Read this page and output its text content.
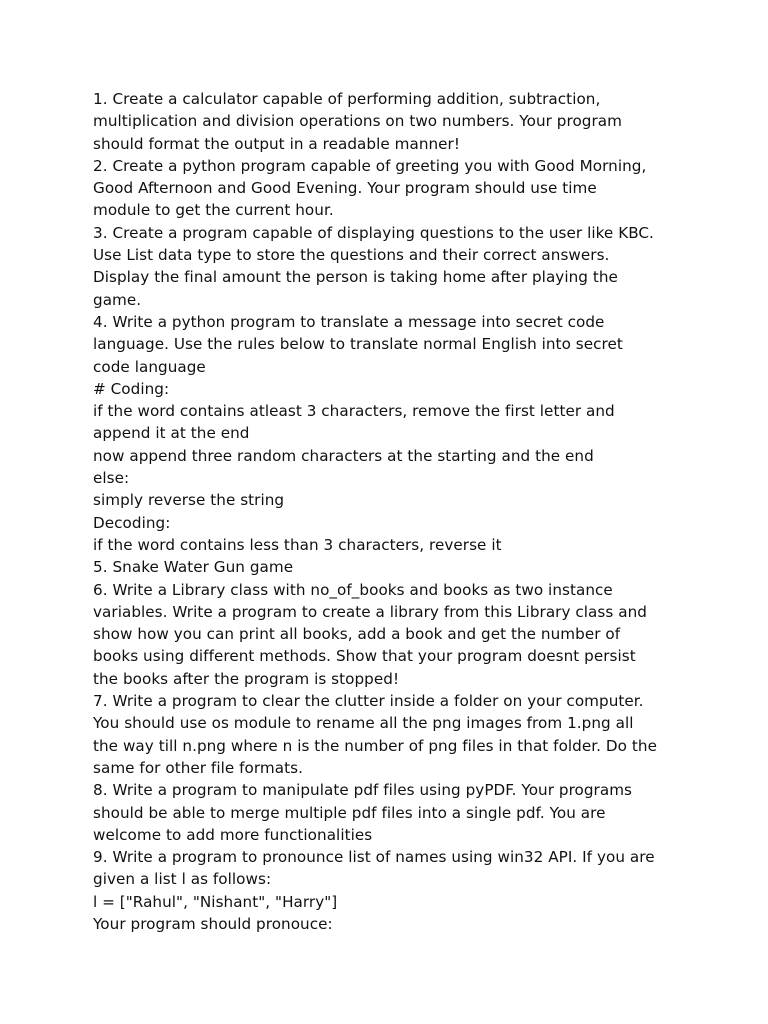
1. Create a calculator capable of performing addition, subtraction,
multiplication and division operations on two numbers. Your program
should format the output in a readable manner!
2. Create a python program capable of greeting you with Good Morning,
Good Afternoon and Good Evening. Your program should use time
module to get the current hour.
3. Create a program capable of displaying questions to the user like KBC.
Use List data type to store the questions and their correct answers.
Display the final amount the person is taking home after playing the
game.
4. Write a python program to translate a message into secret code
language. Use the rules below to translate normal English into secret
code language
# Coding:
if the word contains atleast 3 characters, remove the first letter and
append it at the end
now append three random characters at the starting and the end
else:
simply reverse the string
Decoding:
if the word contains less than 3 characters, reverse it
5. Snake Water Gun game
6. Write a Library class with no_of_books and books as two instance
variables. Write a program to create a library from this Library class and
show how you can print all books, add a book and get the number of
books using different methods. Show that your program doesnt persist
the books after the program is stopped!
7. Write a program to clear the clutter inside a folder on your computer.
You should use os module to rename all the png images from 1.png all
the way till n.png where n is the number of png files in that folder. Do the
same for other file formats.
8. Write a program to manipulate pdf files using pyPDF. Your programs
should be able to merge multiple pdf files into a single pdf. You are
welcome to add more functionalities
9. Write a program to pronounce list of names using win32 API. If you are
given a list l as follows:
l = ["Rahul", "Nishant", "Harry"]
Your program should pronouce:
